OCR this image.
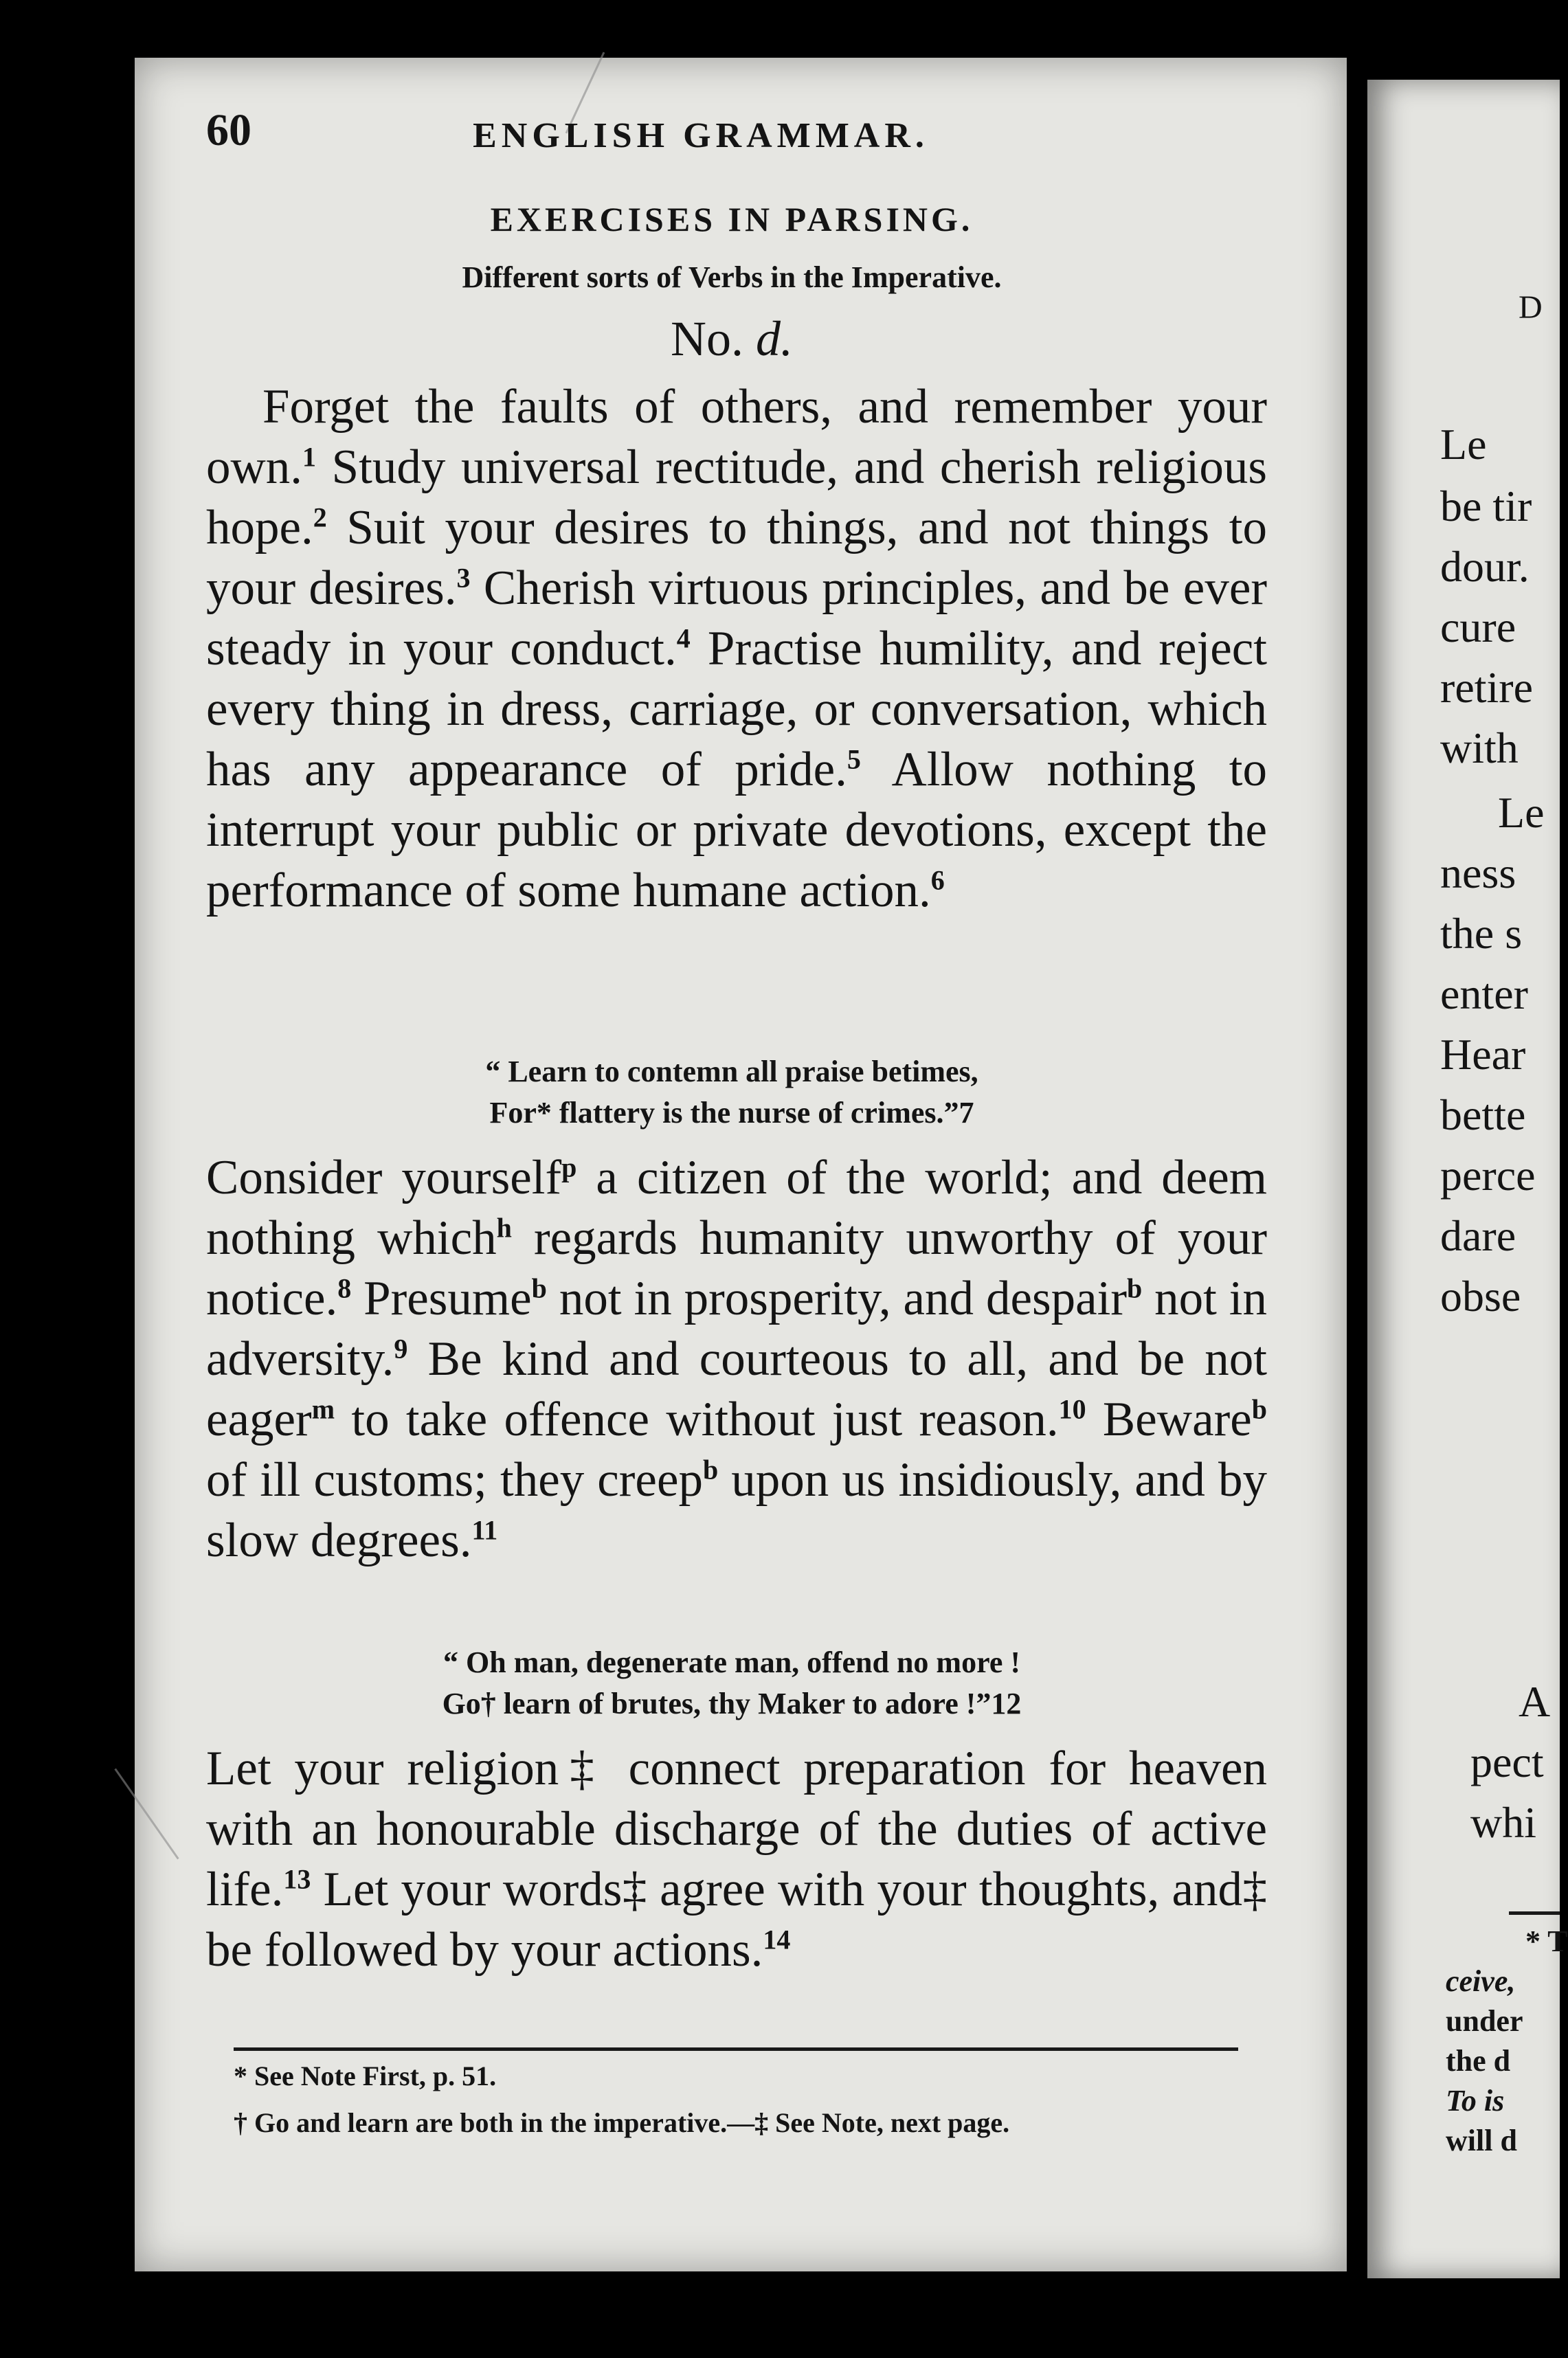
60	ENGLISH GRAMMAR.
EXERCISES IN PARSING.
Different sorts of Verbs in the Imperative.
No. d.

Forget the faults of others, and remember your own.$^1$ Study universal rectitude, and cherish religious hope.$^2$ Suit your desires to things, and not things to your desires.$^3$ Cherish virtuous principles, and be ever steady in your conduct.$^4$ Practise humility, and reject every thing in dress, carriage, or conversation, which has any appearance of pride.$^5$ Allow nothing to interrupt your public or private devotions, except the performance of some humane action.$^6$

“ Learn to contemn all praise betimes,
For* flattery is the nurse of crimes.”7

Consider yourself$^p$ a citizen of the world; and deem nothing which$^h$ regards humanity unworthy of your notice.$^8$ Presume$^b$ not in prosperity, and despair$^b$ not in adversity.$^9$ Be kind and courteous to all, and be not eager$^m$ to take offence without just reason.$^{10}$ Beware$^b$ of ill customs; they creep$^b$ upon us insidiously, and by slow degrees.$^{11}$

“ Oh man, degenerate man, offend no more !
Go† learn of brutes, thy Maker to adore !”12

Let your religion‡ connect preparation for heaven with an honourable discharge of the duties of active life.$^{13}$ Let your words‡ agree with your thoughts, and‡ be followed by your actions.$^{14}$

* See Note First, p. 51.
† Go and learn are both in the imperative.—‡ See Note, next page.
D
Le
be tir
dour.
cure
retire
with
Le
ness
the s
enter
Hear
bette
perce
dare
obse
A
pect
whi
* T
ceive,
under
the d
To is
will d
